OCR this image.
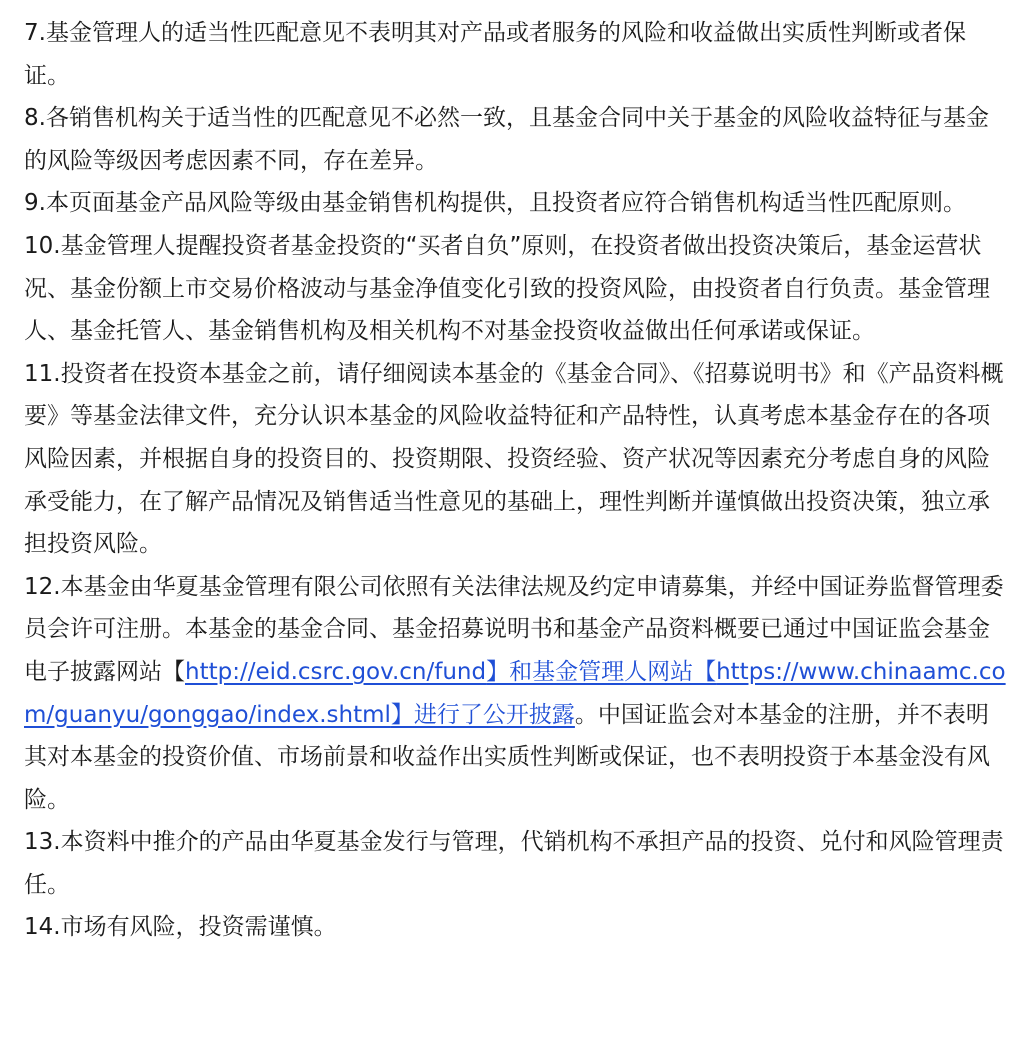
7.基金管理人的适当性匹配意见不表明其对产品或者服务的风险和收益做出实质性判断或者保证。

8.各销售机构关于适当性的匹配意见不必然一致，且基金合同中关于基金的风险收益特征与基金的风险等级因考虑因素不同，存在差异。

9.本页面基金产品风险等级由基金销售机构提供，且投资者应符合销售机构适当性匹配原则。

10.基金管理人提醒投资者基金投资的“买者自负”原则，在投资者做出投资决策后，基金运营状况、基金份额上市交易价格波动与基金净值变化引致的投资风险，由投资者自行负责。基金管理人、基金托管人、基金销售机构及相关机构不对基金投资收益做出任何承诺或保证。

11.投资者在投资本基金之前，请仔细阅读本基金的《基金合同》、《招募说明书》和《产品资料概要》等基金法律文件，充分认识本基金的风险收益特征和产品特性，认真考虑本基金存在的各项风险因素，并根据自身的投资目的、投资期限、投资经验、资产状况等因素充分考虑自身的风险承受能力，在了解产品情况及销售适当性意见的基础上，理性判断并谨慎做出投资决策，独立承担投资风险。

12.本基金由华夏基金管理有限公司依照有关法律法规及约定申请募集，并经中国证券监督管理委员会许可注册。本基金的基金合同、基金招募说明书和基金产品资料概要已通过中国证监会基金电子披露网站【http://eid.csrc.gov.cn/fund】和基金管理人网站【https://www.chinaamc.com/guanyu/gonggao/index.shtml】进行了公开披露。中国证监会对本基金的注册，并不表明其对本基金的投资价值、市场前景和收益作出实质性判断或保证，也不表明投资于本基金没有风险。

13.本资料中推介的产品由华夏基金发行与管理，代销机构不承担产品的投资、兑付和风险管理责任。

14.市场有风险，投资需谨慎。
